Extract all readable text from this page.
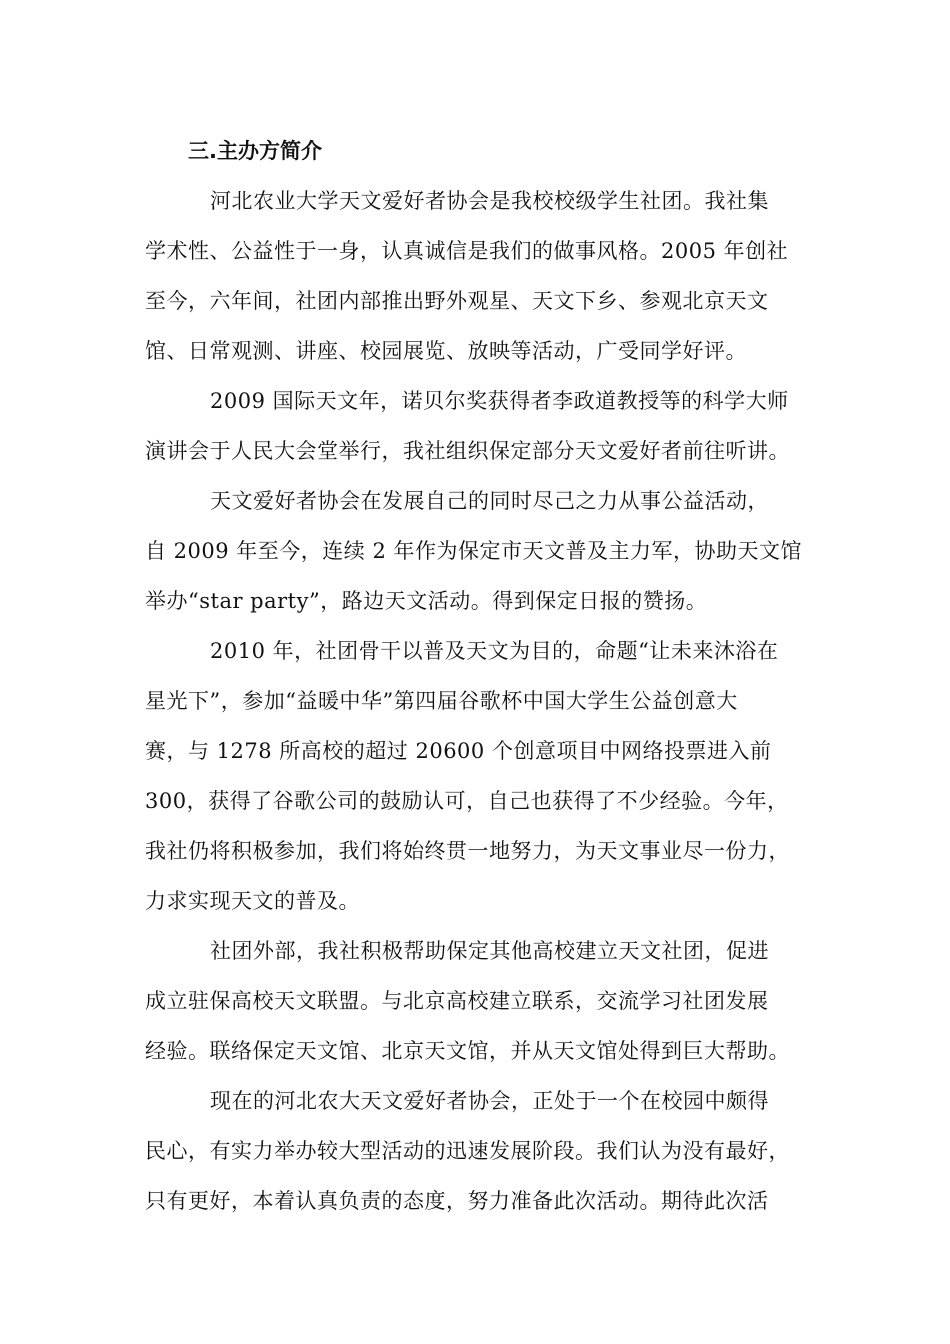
三.主办方简介
河北农业大学天文爱好者协会是我校校级学生社团。我社集
学术性、公益性于一身，认真诚信是我们的做事风格。2005 年创社
至今，六年间，社团内部推出野外观星、天文下乡、参观北京天文
馆、日常观测、讲座、校园展览、放映等活动，广受同学好评。
2009 国际天文年，诺贝尔奖获得者李政道教授等的科学大师
演讲会于人民大会堂举行，我社组织保定部分天文爱好者前往听讲。
天文爱好者协会在发展自己的同时尽己之力从事公益活动，
自 2009 年至今，连续 2 年作为保定市天文普及主力军，协助天文馆
举办“star party”，路边天文活动。得到保定日报的赞扬。
2010 年，社团骨干以普及天文为目的，命题“让未来沐浴在
星光下”，参加“益暖中华”第四届谷歌杯中国大学生公益创意大
赛，与 1278 所高校的超过 20600 个创意项目中网络投票进入前
300，获得了谷歌公司的鼓励认可，自己也获得了不少经验。今年，
我社仍将积极参加，我们将始终贯一地努力，为天文事业尽一份力，
力求实现天文的普及。
社团外部，我社积极帮助保定其他高校建立天文社团，促进
成立驻保高校天文联盟。与北京高校建立联系，交流学习社团发展
经验。联络保定天文馆、北京天文馆，并从天文馆处得到巨大帮助。
现在的河北农大天文爱好者协会，正处于一个在校园中颇得
民心，有实力举办较大型活动的迅速发展阶段。我们认为没有最好，
只有更好，本着认真负责的态度，努力准备此次活动。期待此次活
